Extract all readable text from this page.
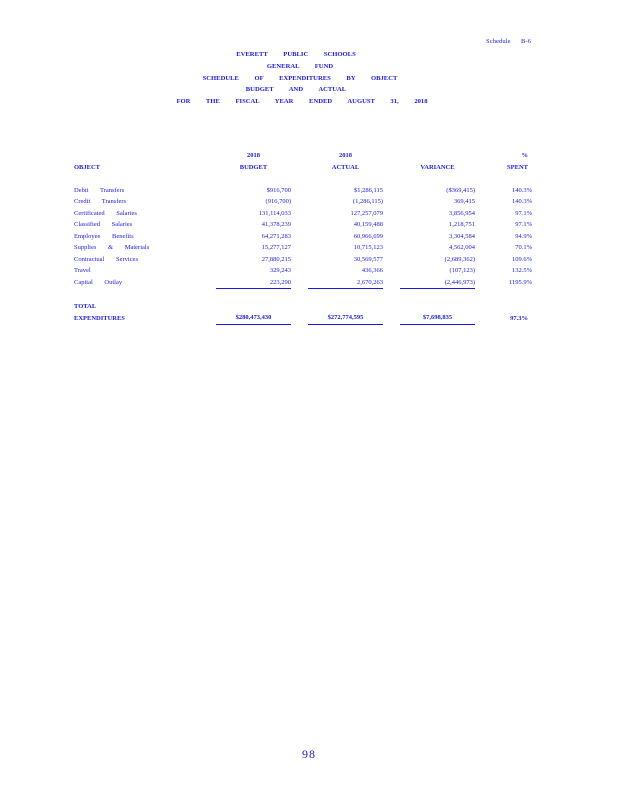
Schedule      B-6
EVERETT PUBLIC SCHOOLS
GENERAL FUND
SCHEDULE OF EXPENDITURES BY OBJECT
BUDGET AND ACTUAL
FOR THE FISCAL YEAR ENDED AUGUST 31, 2018
	2018		2018			%
OBJECT	BUDGET		ACTUAL		VARIANCE	SPENT

Debit Transfers	$916,700		$1,286,115		($369,415)	140.3%
Credit Transfers	(916,700)		(1,286,115)		369,415	140.3%
Certificated Salaries	131,114,033		127,257,079		3,856,954	97.1%
Classified Salaries	41,378,239		40,159,488		1,218,751	97.1%
Employee Benefits	64,271,283		60,966,699		3,304,584	94.9%
Supplies & Materials	15,277,127		10,715,123		4,562,004	70.1%
Contractual Services	27,880,215		30,569,577		(2,689,362)	109.6%
Travel	329,243		436,366		(107,123)	132.5%
Capital Outlay	223,290		2,670,263		(2,446,973)	1195.9%

TOTAL						
EXPENDITURES	$280,473,430		$272,774,595		$7,698,835	97.3%
98
